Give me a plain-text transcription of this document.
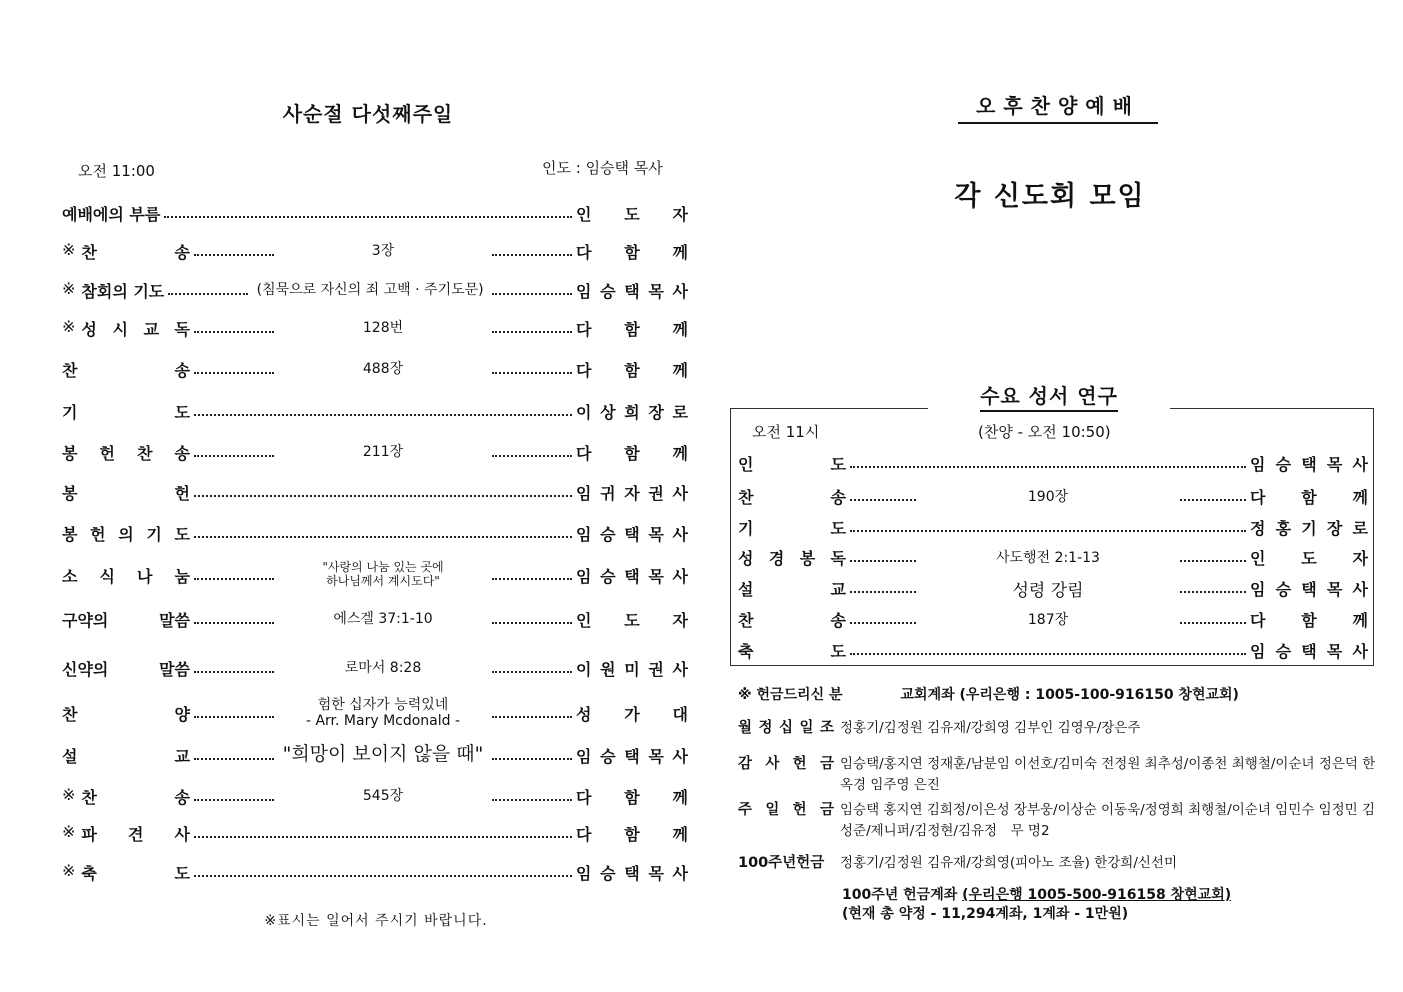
사순절 다섯째주일
오전 11:00	인도 : 임승택 목사
예배에의 부름	인 도 자
※ 찬	송	3장	다 함 께
※ 참회의 기도	(침묵으로 자신의 죄 고백 · 주기도문)	임 승 택 목 사
※ 성 시 교 독	128번	다 함 께
찬	송	488장	다 함 께
기	도	이 상 희 장 로
봉 헌 찬 송	211장	다 함 께
봉	헌	임 귀 자 권 사
봉 헌 의 기 도	임 승 택 목 사
소 식 나 눔	"사랑의 나눔 있는 곳에
하나님께서 계시도다"	임 승 택 목 사
구약의	말씀	에스겔 37:1-10	인 도 자
신약의	말씀	로마서 8:28	이 원 미 권 사
찬	양	험한 십자가 능력있네
- Arr. Mary Mcdonald -	성 가 대
설	교	"희망이 보이지 않을 때"	임 승 택 목 사
※ 찬	송	545장	다 함 께
※ 파 견 사	다 함 께
※ 축	도	임 승 택 목 사
※표시는 일어서 주시기 바랍니다.
오후찬양예배
각 신도회 모임
수요 성서 연구
오전 11시	(찬양 - 오전 10:50)
인	도	임 승 택 목 사
찬	송	190장	다 함 께
기	도	정 홍 기 장 로
성 경 봉 독	사도행전 2:1-13	인 도 자
설	교	성령 강림	임 승 택 목 사
찬	송	187장	다 함 께
축	도	임 승 택 목 사
※ 헌금드리신 분	교회계좌 (우리은행 : 1005-100-916150 창현교회)
월 정 십 일 조 정홍기/김정원 김유재/강희영 김부인 김영우/장은주
감 사 헌 금 임승택/홍지연 정재훈/남분임 이선호/김미숙 전정원 최추성/이종천 최행철/이순녀 정은덕 한옥경 임주영 은진
주 일 헌 금 임승택 홍지연 김희정/이은성 장부웅/이상순 이동욱/정영희 최행철/이순녀 임민수 임정민 김성준/제니퍼/김정현/김유정　무 명2
100주년헌금 정홍기/김정원 김유재/강희영(피아노 조율) 한강희/신선미
100주년 헌금계좌 (우리은행 1005-500-916158 창현교회)
(현재 총 약정 - 11,294계좌, 1계좌 - 1만원)
